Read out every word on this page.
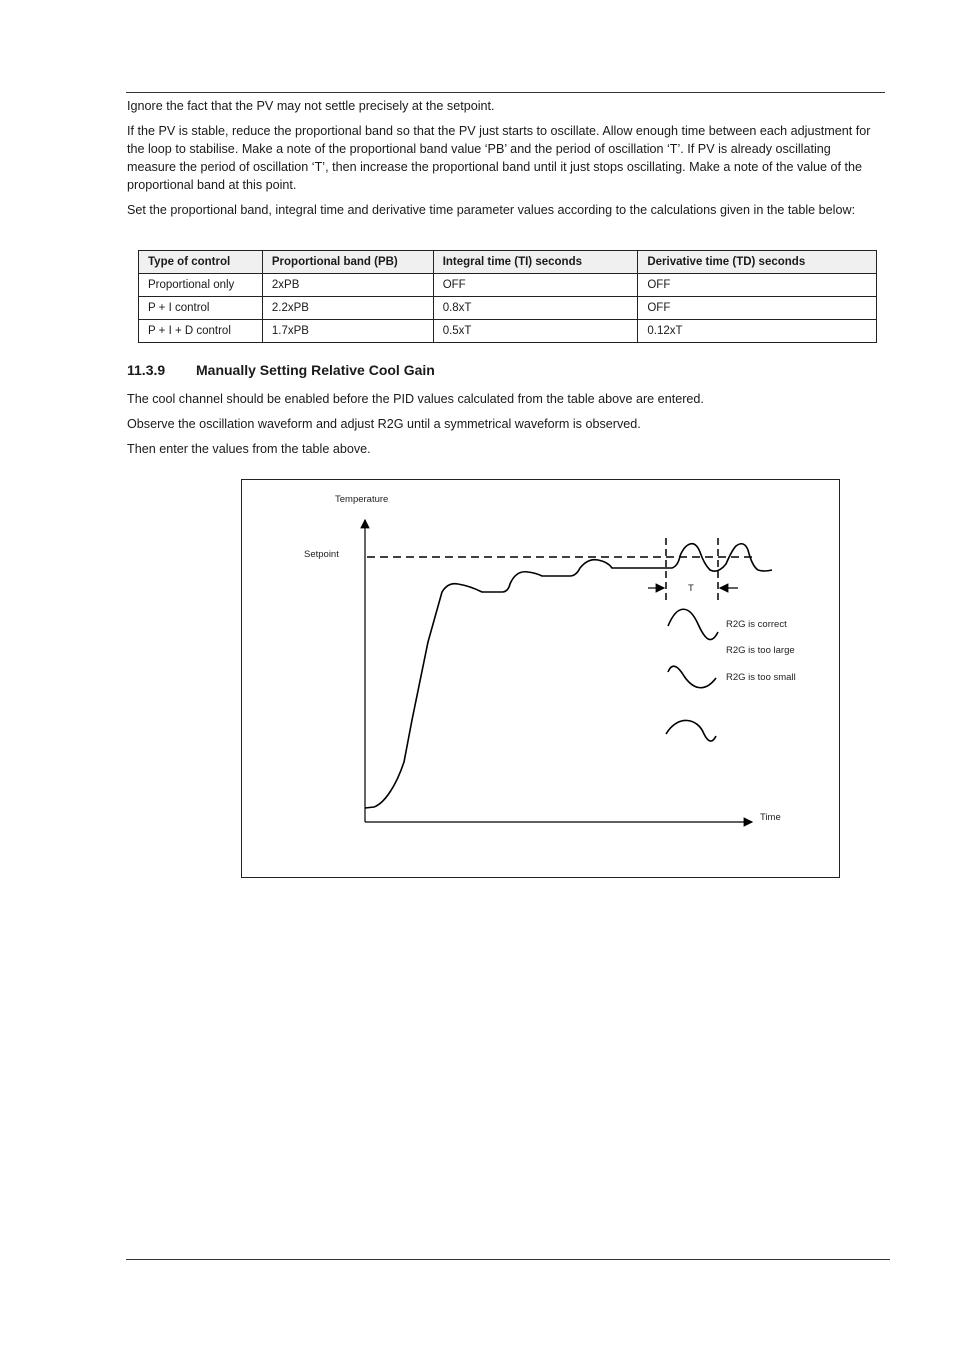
Ignore the fact that the PV may not settle precisely at the setpoint.

If the PV is stable, reduce the proportional band so that the PV just starts to oscillate. Allow enough time between each adjustment for the loop to stabilise. Make a note of the proportional band value ‘PB’ and the period of oscillation ‘T’. If PV is already oscillating measure the period of oscillation ‘T’, then increase the proportional band until it just stops oscillating. Make a note of the value of the proportional band at this point.

Set the proportional band, integral time and derivative time parameter values according to the calculations given in the table below:

Type of control	Proportional band (PB)	Integral time (TI) seconds	Derivative time (TD) seconds
Proportional only	2xPB	OFF	OFF
P + I control	2.2xPB	0.8xT	OFF
P + I + D control	1.7xPB	0.5xT	0.12xT
11.3.9 Manually Setting Relative Cool Gain

The cool channel should be enabled before the PID values calculated from the table above are entered.

Observe the oscillation waveform and adjust R2G until a symmetrical waveform is observed.

Then enter the values from the table above.

Temperature
Setpoint
T
R2G is correct
R2G is too large
R2G is too small
Time
